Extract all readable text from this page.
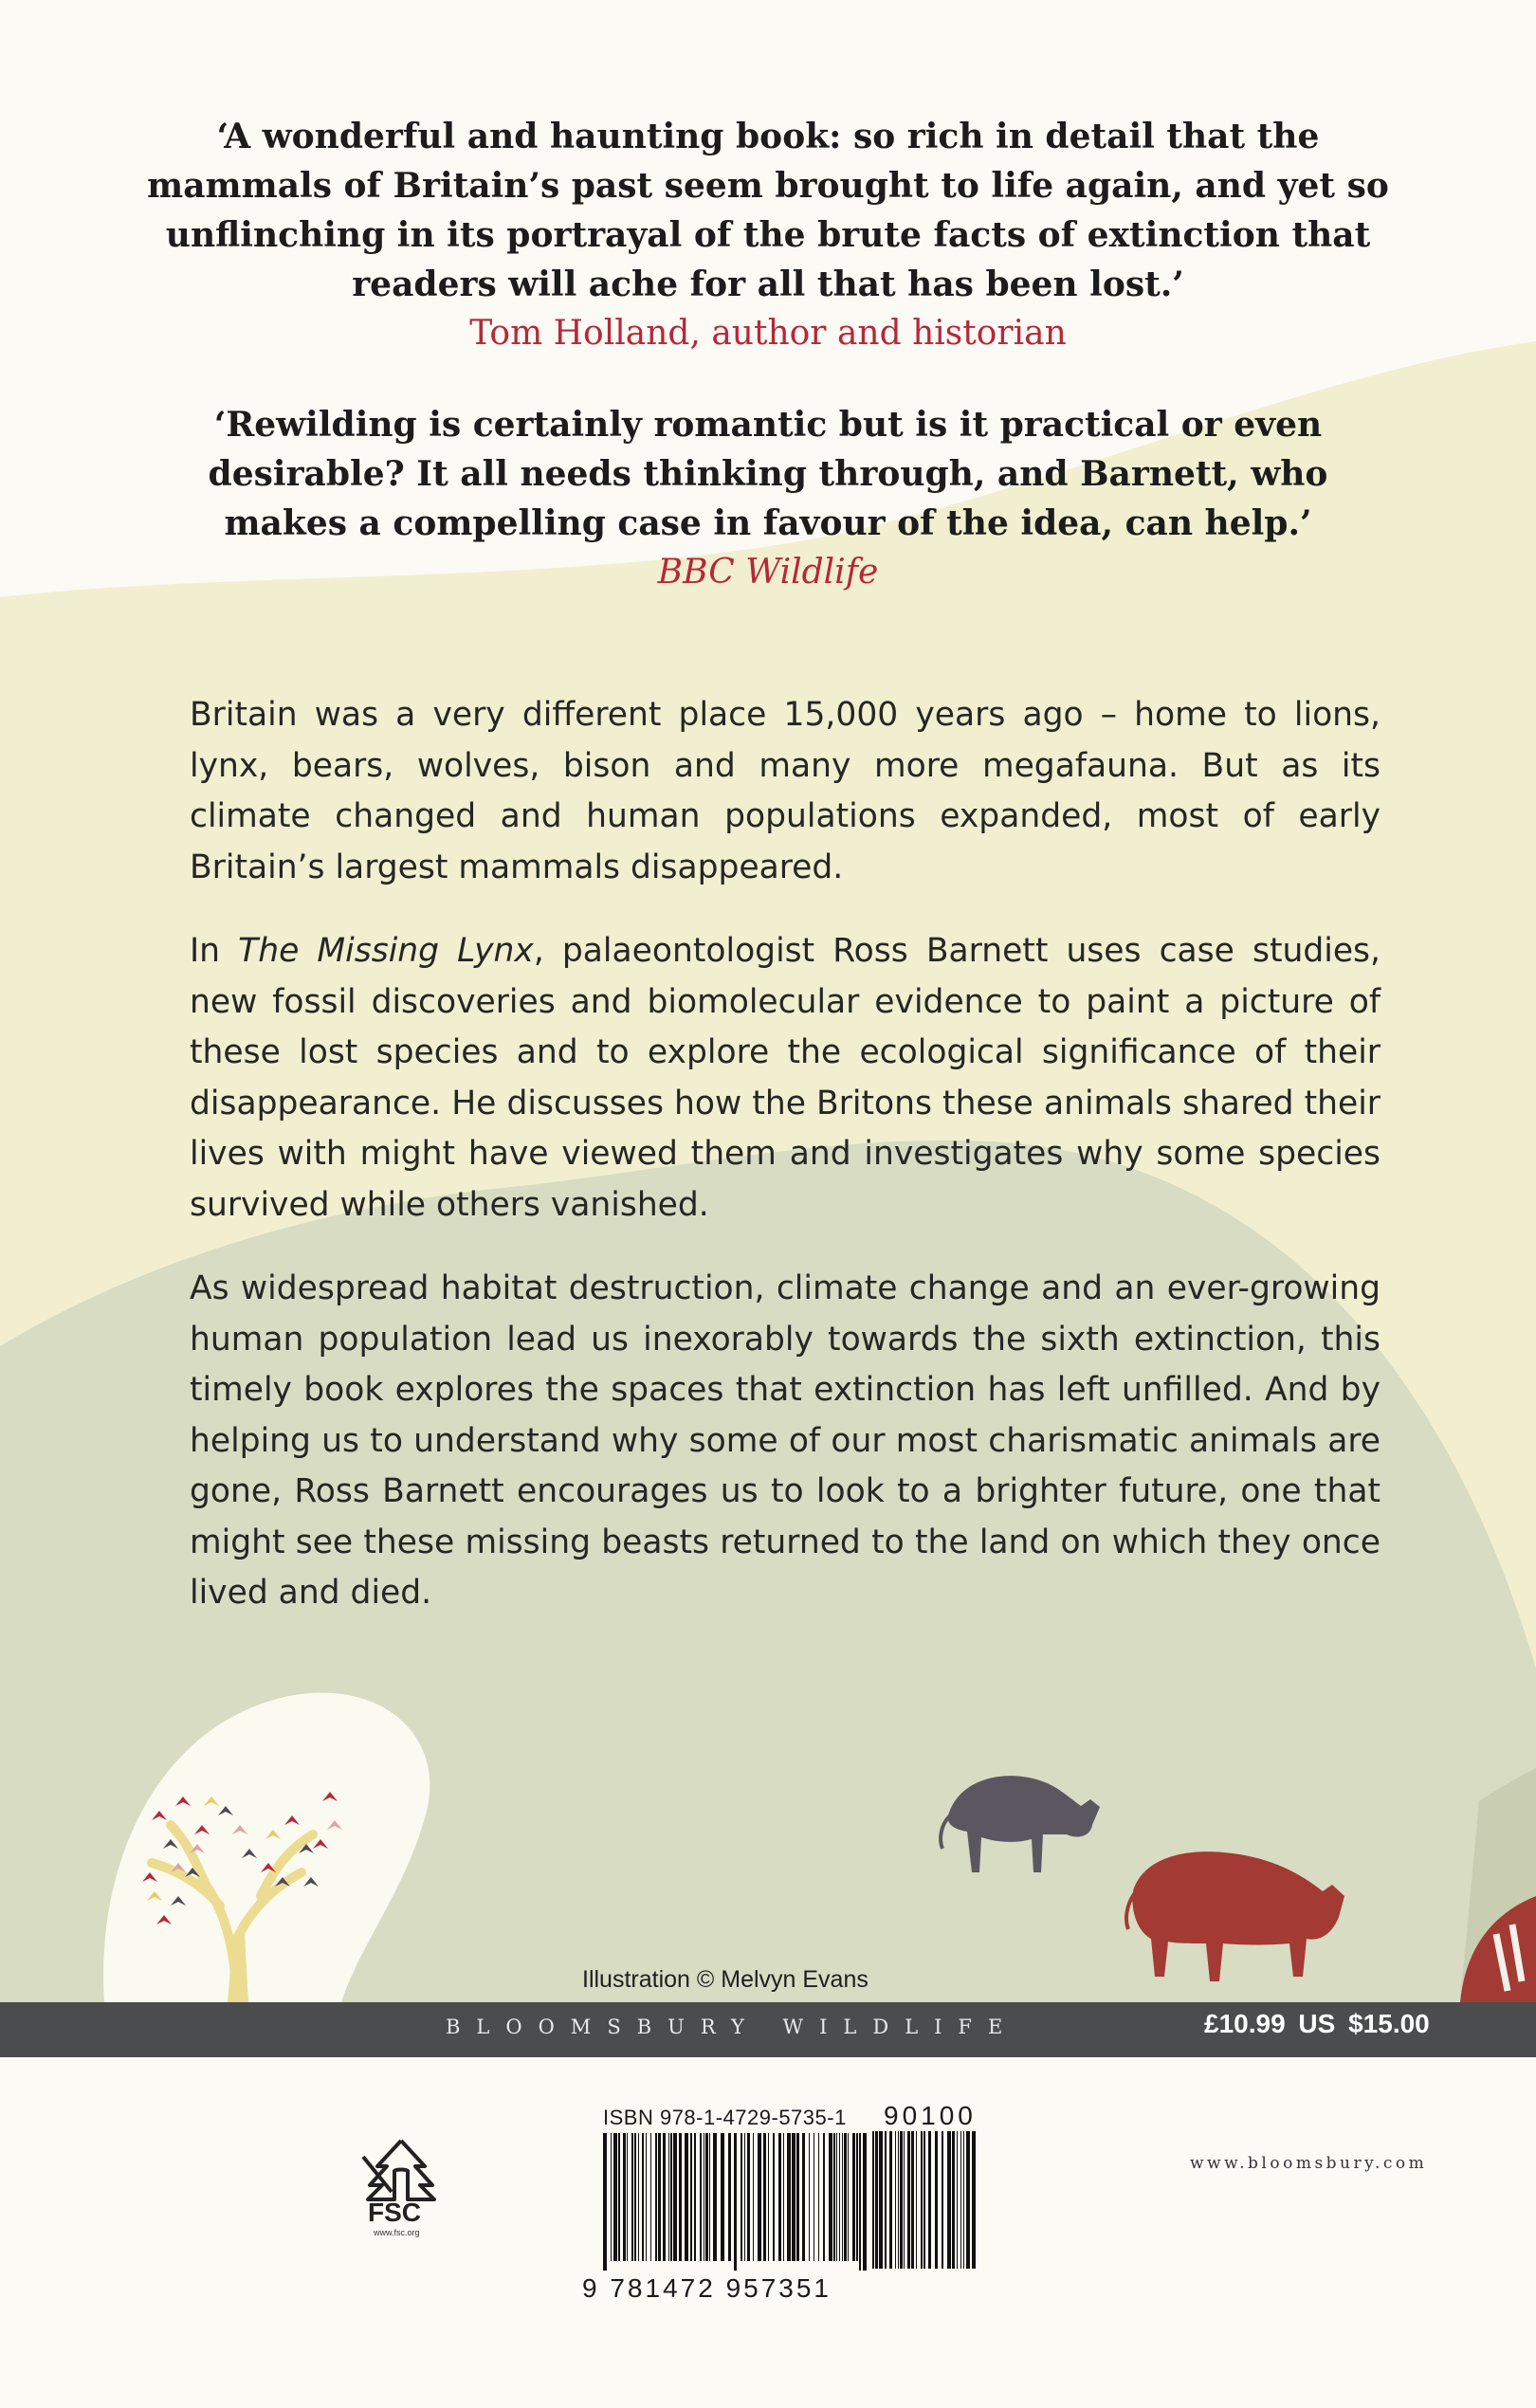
‘A wonderful and haunting book: so rich in detail that the mammals of Britain’s past seem brought to life again, and yet so unflinching in its portrayal of the brute facts of extinction that readers will ache for all that has been lost.’
Tom Holland, author and historian
‘Rewilding is certainly romantic but is it practical or even desirable? It all needs thinking through, and Barnett, who makes a compelling case in favour of the idea, can help.’
BBC Wildlife

Britain was a very different place 15,000 years ago – home to lions, lynx, bears, wolves, bison and many more megafauna. But as its climate changed and human populations expanded, most of early Britain’s largest mammals disappeared.

In The Missing Lynx, palaeontologist Ross Barnett uses case studies, new fossil discoveries and biomolecular evidence to paint a picture of these lost species and to explore the ecological significance of their disappearance. He discusses how the Britons these animals shared their lives with might have viewed them and investigates why some species survived while others vanished.

As widespread habitat destruction, climate change and an ever-growing human population lead us inexorably towards the sixth extinction, this timely book explores the spaces that extinction has left unfilled. And by helping us to understand why some of our most charismatic animals are gone, Ross Barnett encourages us to look to a brighter future, one that might see these missing beasts returned to the land on which they once lived and died.

Illustration © Melvyn Evans
BLOOMSBURY WILDLIFE	£10.99 US $15.00
FSC
www.fsc.org
ISBN 978-1-4729-5735-1
9 781472 957351
90100
www.bloomsbury.com
